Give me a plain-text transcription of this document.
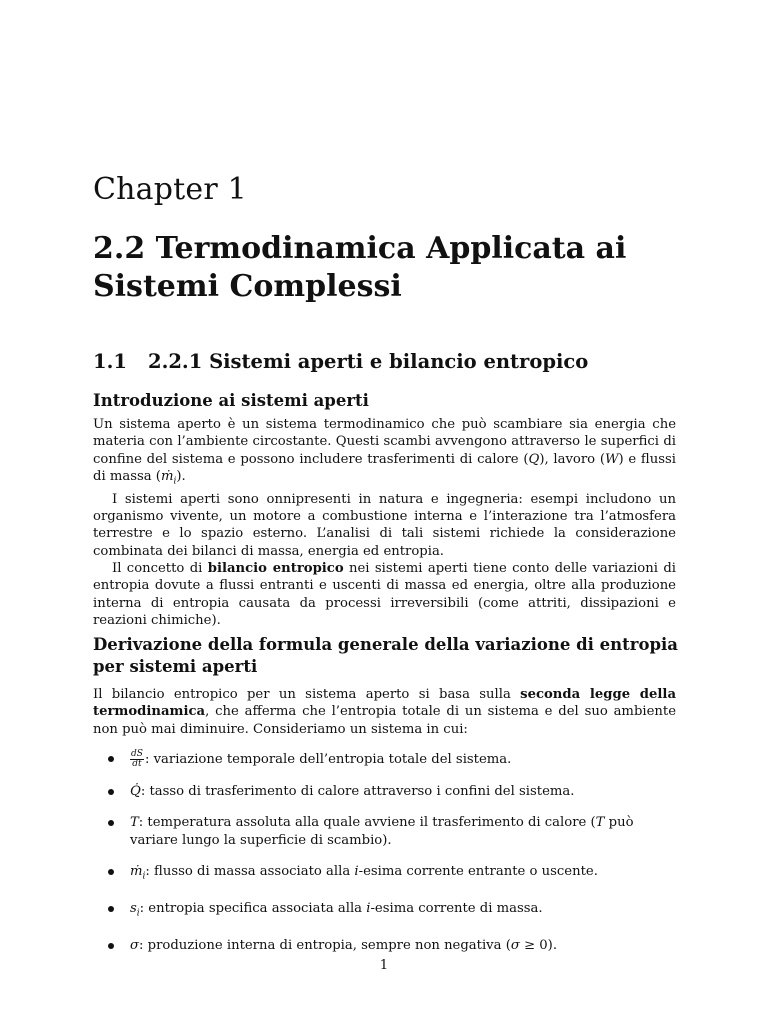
Chapter 1
2.2 Termodinamica Applicata ai Sistemi Complessi
1.1 2.2.1 Sistemi aperti e bilancio entropico
Introduzione ai sistemi aperti

Un sistema aperto è un sistema termodinamico che può scambiare sia energia che materia con l’ambiente circostante. Questi scambi avvengono attraverso le superfici di confine del sistema e possono includere trasferimenti di calore (Q), lavoro (W) e flussi di massa (ṁ$_i$).

I sistemi aperti sono onnipresenti in natura e ingegneria: esempi includono un organismo vivente, un motore a combustione interna e l’interazione tra l’atmosfera terrestre e lo spazio esterno. L’analisi di tali sistemi richiede la considerazione combinata dei bilanci di massa, energia ed entropia.

Il concetto di bilancio entropico nei sistemi aperti tiene conto delle variazioni di entropia dovute a flussi entranti e uscenti di massa ed energia, oltre alla produzione interna di entropia causata da processi irreversibili (come attriti, dissipazioni e reazioni chimiche).

Derivazione della formula generale della variazione di entropia per sistemi aperti

Il bilancio entropico per un sistema aperto si basa sulla seconda legge della termodinamica, che afferma che l’entropia totale di un sistema e del suo ambiente non può mai diminuire. Consideriamo un sistema in cui:

$\frac{dS}{dt}$ : variazione temporale dell’entropia totale del sistema.
Q̇: tasso di trasferimento di calore attraverso i confini del sistema.
T: temperatura assoluta alla quale avviene il trasferimento di calore (T può variare lungo la superficie di scambio).
ṁ$_i$: flusso di massa associato alla i-esima corrente entrante o uscente.
$s_i$: entropia specifica associata alla i-esima corrente di massa.
σ: produzione interna di entropia, sempre non negativa (σ ≥ 0).
1
